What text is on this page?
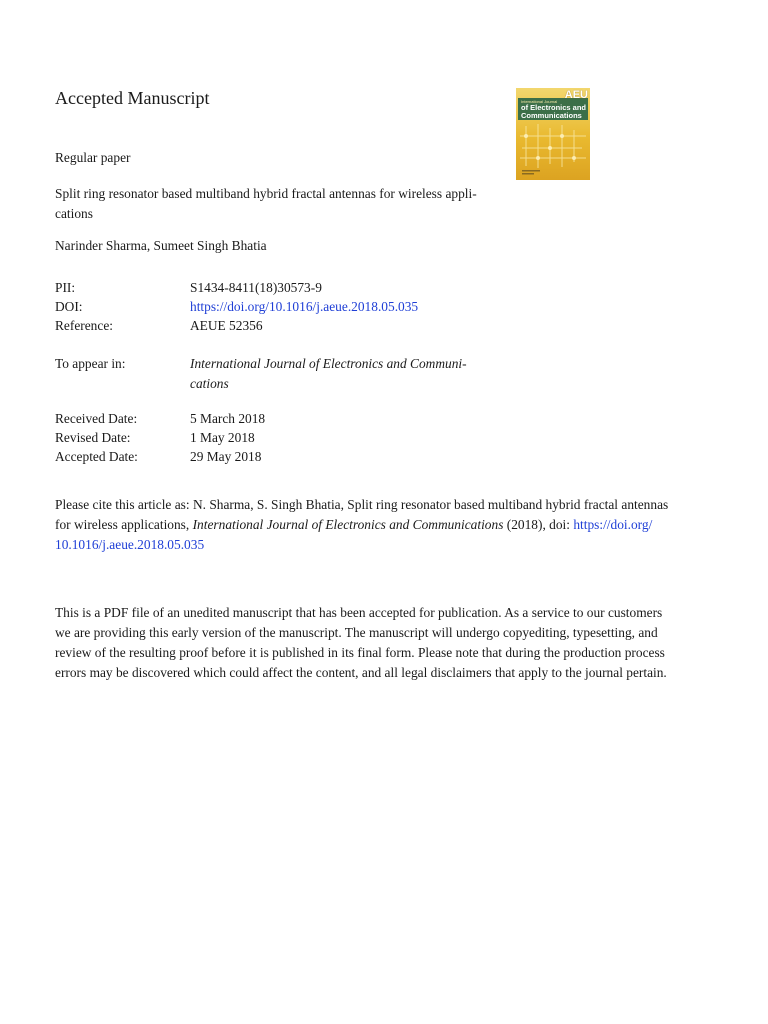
Accepted Manuscript	International Journal
of Electronics and
Communications
AEU
Regular paper
Split ring resonator based multiband hybrid fractal antennas for wireless appli-
cations
Narinder Sharma, Sumeet Singh Bhatia
PII:	S1434-8411(18)30573-9
DOI:	https://doi.org/10.1016/j.aeue.2018.05.035
Reference:	AEUE 52356
To appear in:	International Journal of Electronics and Communi-
cations
Received Date:	5 March 2018
Revised Date:	1 May 2018
Accepted Date:	29 May 2018
Please cite this article as: N. Sharma, S. Singh Bhatia, Split ring resonator based multiband hybrid fractal antennas
for wireless applications, International Journal of Electronics and Communications (2018), doi: https://doi.org/
10.1016/j.aeue.2018.05.035
This is a PDF file of an unedited manuscript that has been accepted for publication. As a service to our customers
we are providing this early version of the manuscript. The manuscript will undergo copyediting, typesetting, and
review of the resulting proof before it is published in its final form. Please note that during the production process
errors may be discovered which could affect the content, and all legal disclaimers that apply to the journal pertain.
